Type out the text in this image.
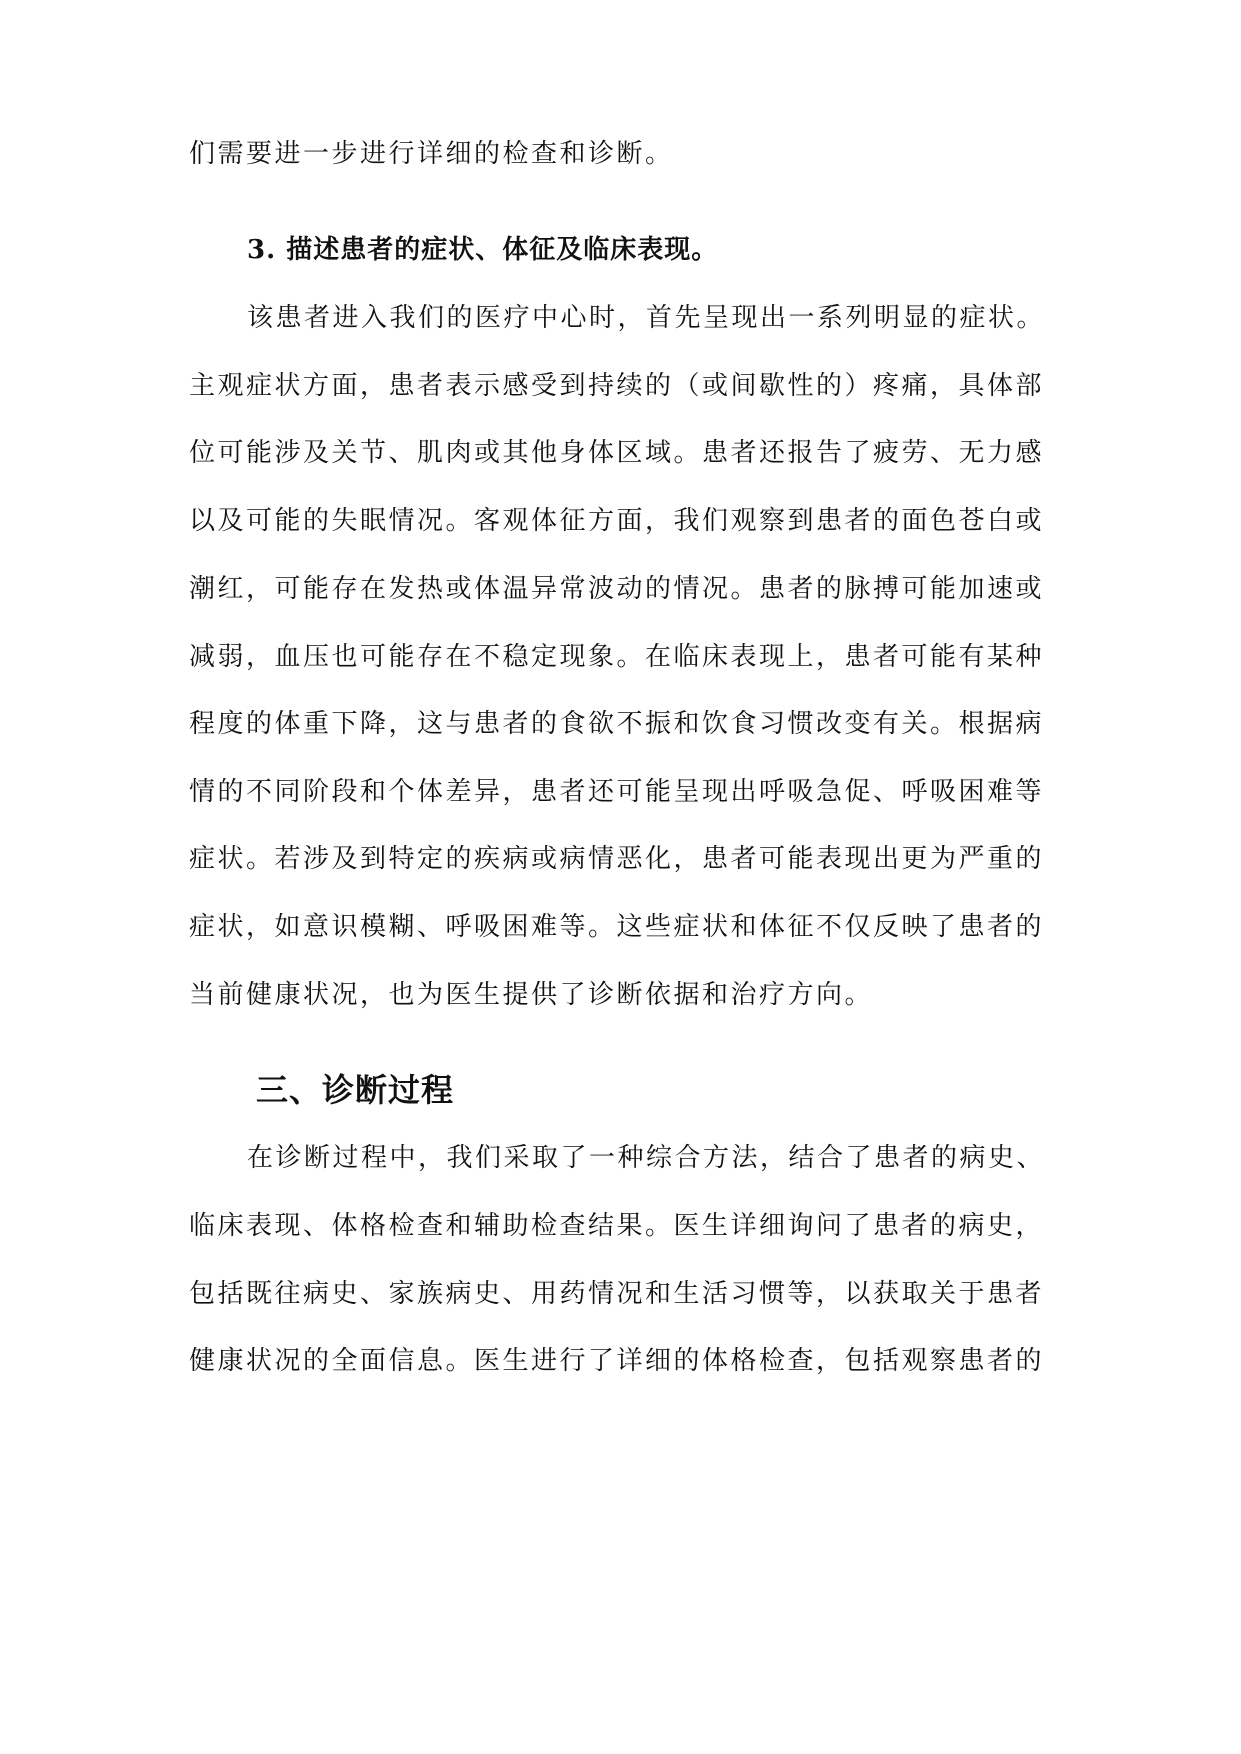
们需要进一步进行详细的检查和诊断。
3. 描述患者的症状、体征及临床表现。
该患者进入我们的医疗中心时，首先呈现出一系列明显的症状。
主观症状方面，患者表示感受到持续的（或间歇性的）疼痛，具体部
位可能涉及关节、肌肉或其他身体区域。患者还报告了疲劳、无力感
以及可能的失眠情况。客观体征方面，我们观察到患者的面色苍白或
潮红，可能存在发热或体温异常波动的情况。患者的脉搏可能加速或
减弱，血压也可能存在不稳定现象。在临床表现上，患者可能有某种
程度的体重下降，这与患者的食欲不振和饮食习惯改变有关。根据病
情的不同阶段和个体差异，患者还可能呈现出呼吸急促、呼吸困难等
症状。若涉及到特定的疾病或病情恶化，患者可能表现出更为严重的
症状，如意识模糊、呼吸困难等。这些症状和体征不仅反映了患者的
当前健康状况，也为医生提供了诊断依据和治疗方向。
三、诊断过程
在诊断过程中，我们采取了一种综合方法，结合了患者的病史、
临床表现、体格检查和辅助检查结果。医生详细询问了患者的病史，
包括既往病史、家族病史、用药情况和生活习惯等，以获取关于患者
健康状况的全面信息。医生进行了详细的体格检查，包括观察患者的
